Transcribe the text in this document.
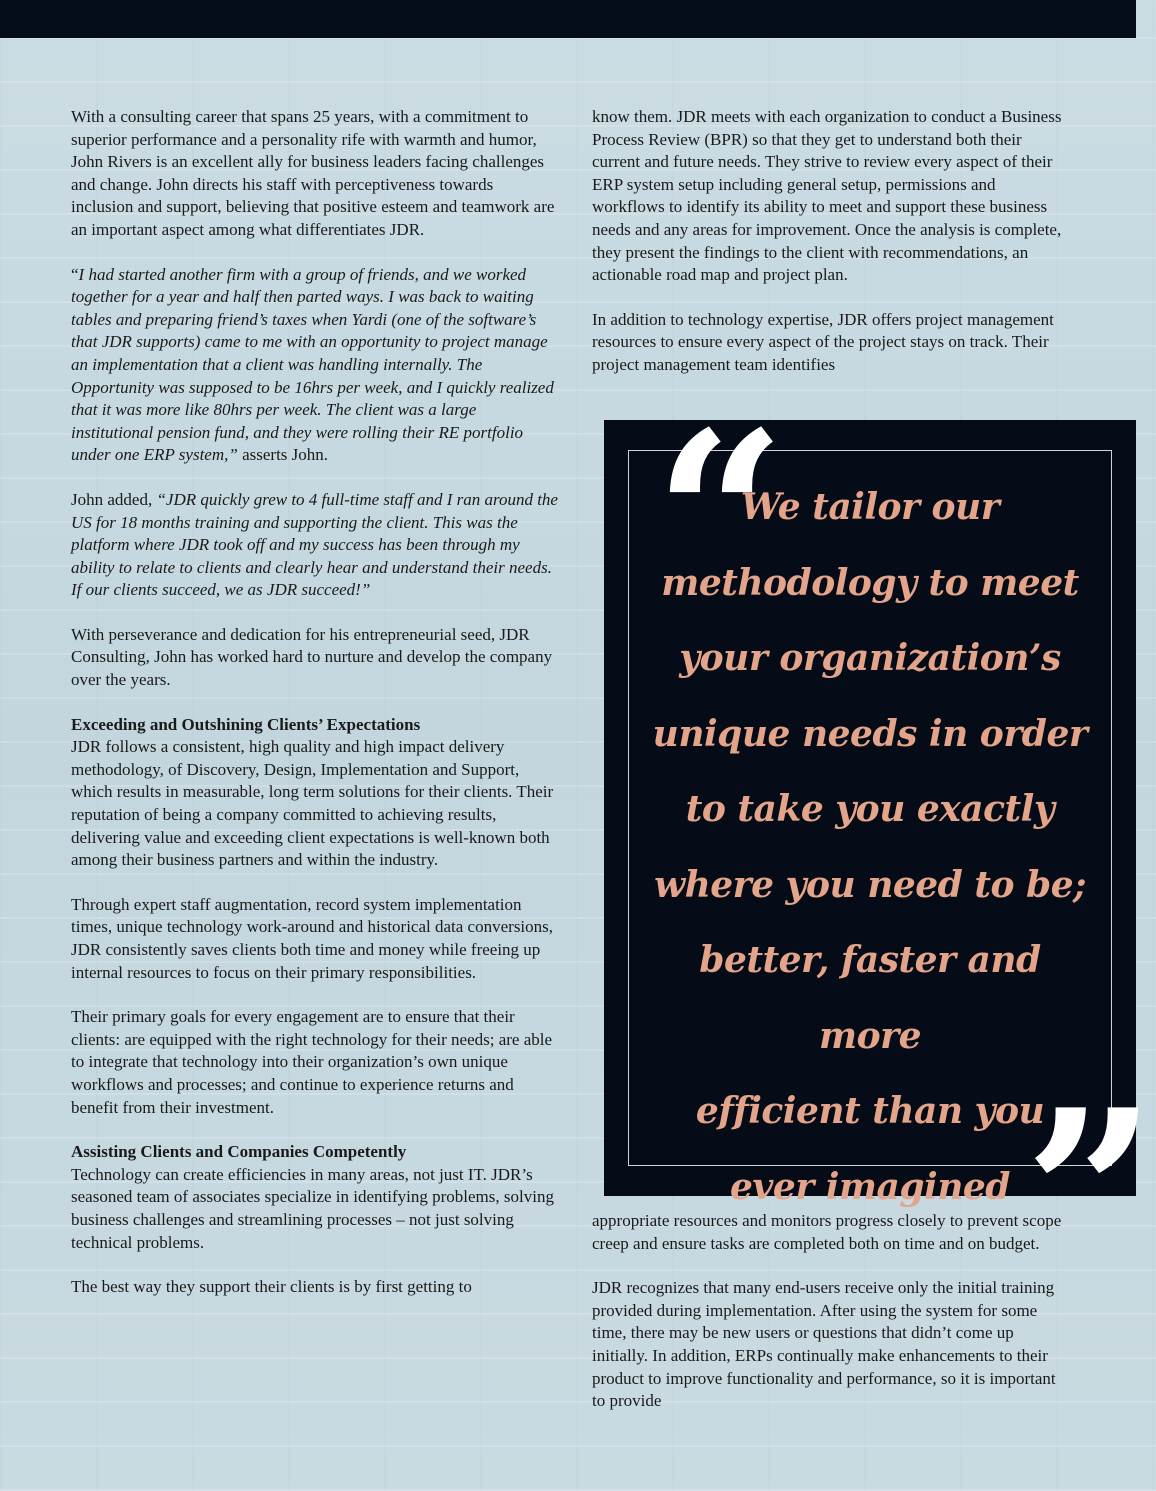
With a consulting career that spans 25 years, with a commitment to superior performance and a personality rife with warmth and humor, John Rivers is an excellent ally for business leaders facing challenges and change. John directs his staff with perceptiveness towards inclusion and support, believing that positive esteem and teamwork are an important aspect among what differentiates JDR.

“I had started another firm with a group of friends, and we worked together for a year and half then parted ways. I was back to waiting tables and preparing friend’s taxes when Yardi (one of the software’s that JDR supports) came to me with an opportunity to project manage an implementation that a client was handling internally. The Opportunity was supposed to be 16hrs per week, and I quickly realized that it was more like 80hrs per week. The client was a large institutional pension fund, and they were rolling their RE portfolio under one ERP system,” asserts John.

John added, “JDR quickly grew to 4 full-time staff and I ran around the US for 18 months training and supporting the client. This was the platform where JDR took off and my success has been through my ability to relate to clients and clearly hear and understand their needs. If our clients succeed, we as JDR succeed!”

With perseverance and dedication for his entrepreneurial seed, JDR Consulting, John has worked hard to nurture and develop the company over the years.

Exceeding and Outshining Clients’ Expectations
JDR follows a consistent, high quality and high impact delivery methodology, of Discovery, Design, Implementation and Support, which results in measurable, long term solutions for their clients. Their reputation of being a company committed to achieving results, delivering value and exceeding client expectations is well-known both among their business partners and within the industry.

Through expert staff augmentation, record system implementation times, unique technology work-around and historical data conversions, JDR consistently saves clients both time and money while freeing up internal resources to focus on their primary responsibilities.

Their primary goals for every engagement are to ensure that their clients: are equipped with the right technology for their needs; are able to integrate that technology into their organization’s own unique workflows and processes; and continue to experience returns and benefit from their investment.

Assisting Clients and Companies Competently
Technology can create efficiencies in many areas, not just IT. JDR’s seasoned team of associates specialize in identifying problems, solving business challenges and streamlining processes – not just solving technical problems.

The best way they support their clients is by first getting to

know them. JDR meets with each organization to conduct a Business Process Review (BPR) so that they get to understand both their current and future needs. They strive to review every aspect of their ERP system setup including general setup, permissions and workflows to identify its ability to meet and support these business needs and any areas for improvement. Once the analysis is complete, they present the findings to the client with recommendations, an actionable road map and project plan.

In addition to technology expertise, JDR offers project management resources to ensure every aspect of the project stays on track. Their project management team identifies

“
We tailor our
methodology to meet
your organization’s
unique needs in order
to take you exactly
where you need to be;
better, faster and more
efficient than you
ever imagined ”

appropriate resources and monitors progress closely to prevent scope creep and ensure tasks are completed both on time and on budget.

JDR recognizes that many end-users receive only the initial training provided during implementation. After using the system for some time, there may be new users or questions that didn’t come up initially. In addition, ERPs continually make enhancements to their product to improve functionality and performance, so it is important to provide
